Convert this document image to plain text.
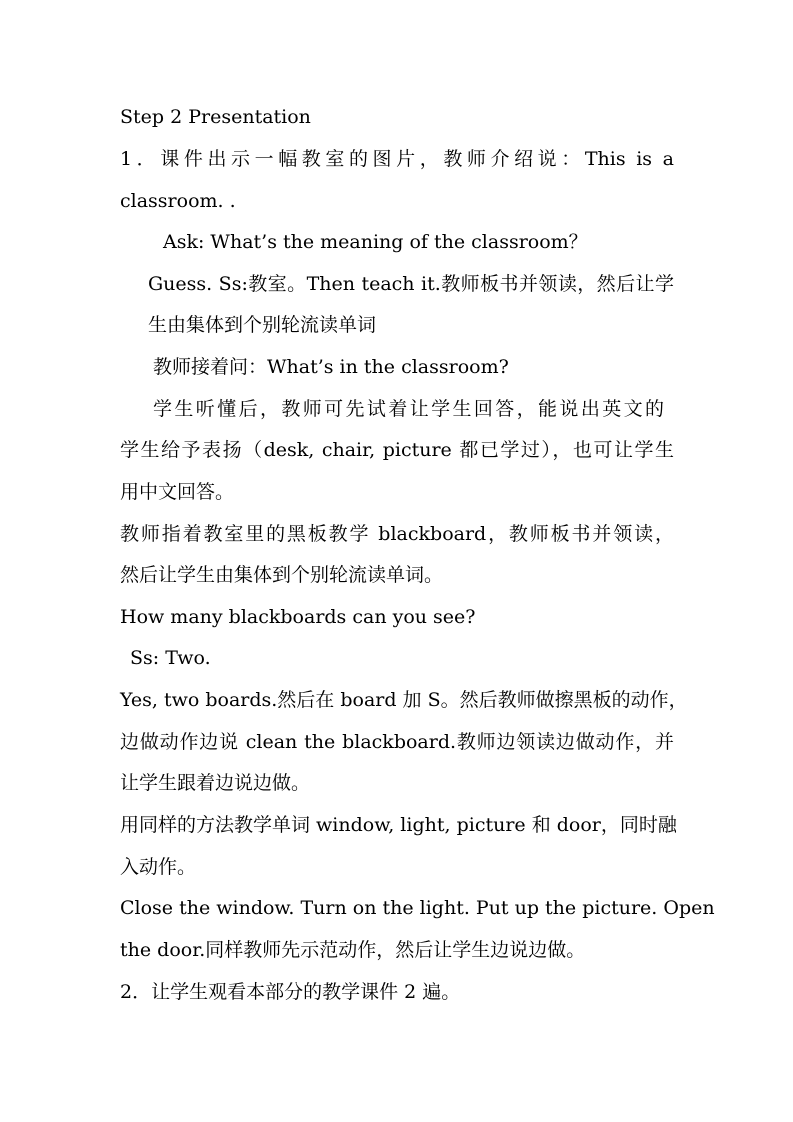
Step 2 Presentation
1．课件出示一幅教室的图片，教师介绍说：This is a
classroom. .
Ask: What’s the meaning of the classroom？
Guess. Ss:教室。Then teach it.教师板书并领读，然后让学
生由集体到个别轮流读单词
教师接着问：What’s in the classroom?
学生听懂后，教师可先试着让学生回答，能说出英文的
学生给予表扬（desk, chair, picture 都已学过），也可让学生
用中文回答。
教师指着教室里的黑板教学 blackboard，教师板书并领读，
然后让学生由集体到个别轮流读单词。
How many blackboards can you see?
Ss: Two.
Yes, two boards.然后在 board 加 S。然后教师做擦黑板的动作，
边做动作边说 clean the blackboard.教师边领读边做动作，并
让学生跟着边说边做。
用同样的方法教学单词 window, light, picture 和 door，同时融
入动作。
Close the window. Turn on the light. Put up the picture. Open
the door.同样教师先示范动作，然后让学生边说边做。
2．让学生观看本部分的教学课件 2 遍。
